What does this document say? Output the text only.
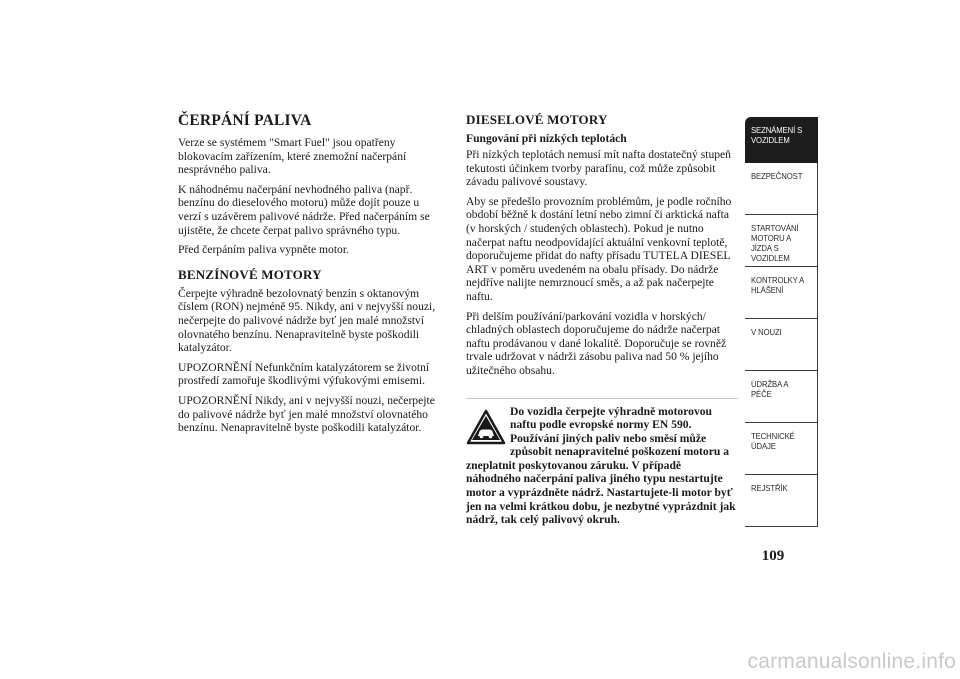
ČERPÁNÍ PALIVA

Verze se systémem "Smart Fuel" jsou opatřeny blokovacím zařízením, které znemožní načerpání nesprávného paliva.

K náhodnému načerpání nevhodného paliva (např. benzínu do dieselového motoru) může dojít pouze u verzí s uzávěrem palivové nádrže. Před načerpáním se ujistěte, že chcete čerpat palivo správného typu.

Před čerpáním paliva vypněte motor.

BENZÍNOVÉ MOTORY

Čerpejte výhradně bezolovnatý benzín s oktanovým číslem (RON) nejméně 95. Nikdy, ani v nejvyšší nouzi, nečerpejte do palivové nádrže byť jen malé množství olovnatého benzínu. Nenapravitelně byste poškodili katalyzátor.

UPOZORNĚNÍ Nefunkčním katalyzátorem se životní prostředí zamořuje škodlivými výfukovými emisemi.

UPOZORNĚNÍ Nikdy, ani v nejvyšší nouzi, nečerpejte do palivové nádrže byť jen malé množství olovnatého benzínu. Nenapravitelně byste poškodili katalyzátor.

DIESELOVÉ MOTORY
Fungování při nízkých teplotách

Při nízkých teplotách nemusí mít nafta dostatečný stupeň tekutosti účinkem tvorby parafínu, což může způsobit závadu palivové soustavy.

Aby se předešlo provozním problémům, je podle ročního období běžně k dostání letní nebo zimní či arktická nafta (v horských / studených oblastech). Pokud je nutno načerpat naftu neodpovídající aktuální venkovní teplotě, doporučujeme přidat do nafty přísadu TUTELA DIESEL ART v poměru uvedeném na obalu přísady. Do nádrže nejdříve nalijte nemrznoucí směs, a až pak načerpejte naftu.

Při delším používání/parkování vozidla v horských/ chladných oblastech doporučujeme do nádrže načerpat naftu prodávanou v dané lokalitě. Doporučuje se rovněž trvale udržovat v nádrži zásobu paliva nad 50 % jejího užitečného obsahu.

Do vozidla čerpejte výhradně motorovou naftu podle evropské normy EN 590. Používání jiných paliv nebo směsí může způsobit nenapravitelné poškození motoru a zneplatnit poskytovanou záruku. V případě náhodného načerpání paliva jiného typu nestartujte motor a vyprázdněte nádrž. Nastartujete-li motor byť jen na velmi krátkou dobu, je nezbytné vyprázdnit jak nádrž, tak celý palivový okruh.

SEZNÁMENÍ S VOZIDLEM
BEZPEČNOST
STARTOVÁNÍ MOTORU A JÍZDA S VOZIDLEM
KONTROLKY A HLÁŠENÍ
V NOUZI
ÚDRŽBA A PÉČE
TECHNICKÉ ÚDAJE
REJSTŘÍK
109
carmanualsonline.info
